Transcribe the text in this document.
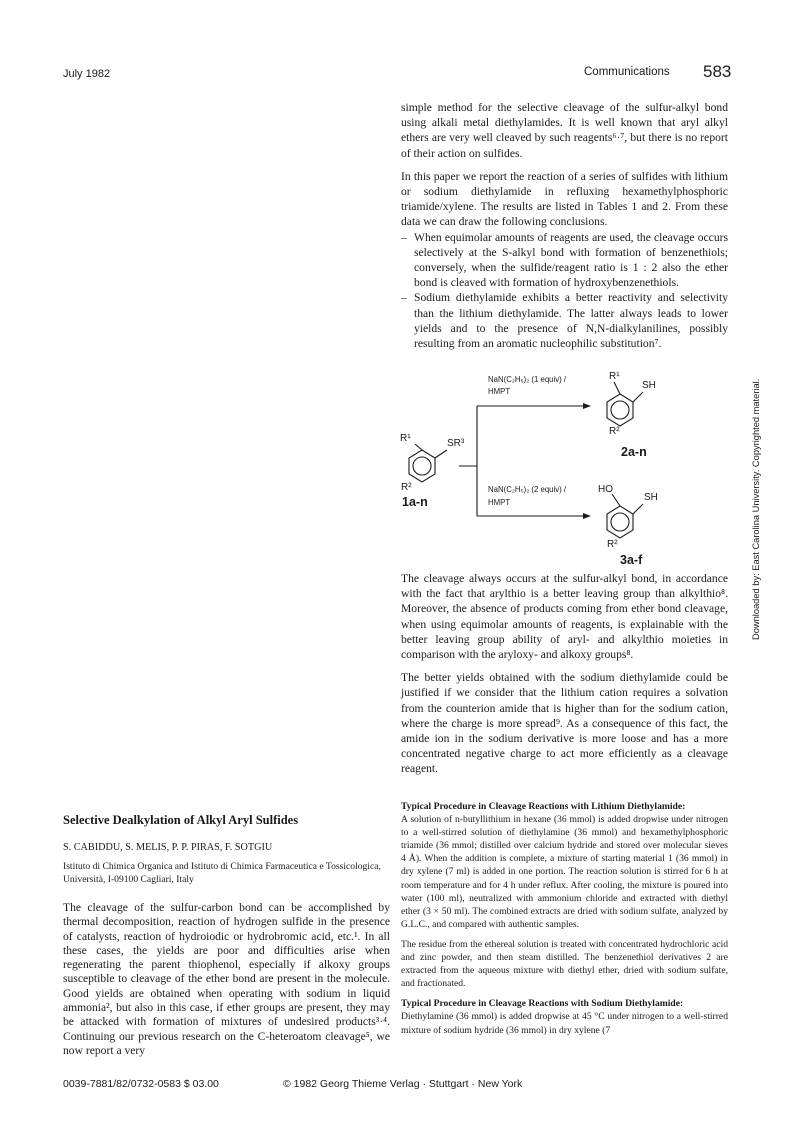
July 1982	Communications 583

simple method for the selective cleavage of the sulfur-alkyl bond using alkali metal diethylamides. It is well known that aryl alkyl ethers are very well cleaved by such reagents⁶·⁷, but there is no report of their action on sulfides.

In this paper we report the reaction of a series of sulfides with lithium or sodium diethylamide in refluxing hexamethylphosphoric triamide/xylene. The results are listed in Tables 1 and 2. From these data we can draw the following conclusions.

– When equimolar amounts of reagents are used, the cleavage occurs selectively at the S-alkyl bond with formation of benzenethiols; conversely, when the sulfide/reagent ratio is 1 : 2 also the ether bond is cleaved with formation of hydroxybenzenethiols.
– Sodium diethylamide exhibits a better reactivity and selectivity than the lithium diethylamide. The latter always leads to lower yields and to the presence of N,N-dialkylanilines, possibly resulting from an aromatic nucleophilic substitution⁷.
R¹	SR³
R²
1a-n
NaN(C₂H₅)₂ (1 equiv) /
HMPT
NaN(C₂H₅)₂ (2 equiv) /
HMPT
R¹
SH
R²
2a-n
HO
SH
R²
3a-f

The cleavage always occurs at the sulfur-alkyl bond, in accordance with the fact that arylthio is a better leaving group than alkylthio⁸. Moreover, the absence of products coming from ether bond cleavage, when using equimolar amounts of reagents, is explainable with the better leaving group ability of aryl- and alkylthio moieties in comparison with the aryloxy- and alkoxy groups⁸.

The better yields obtained with the sodium diethylamide could be justified if we consider that the lithium cation requires a solvation from the counterion amide that is higher than for the sodium cation, where the charge is more spread⁹. As a consequence of this fact, the amide ion in the sodium derivative is more loose and has a more concentrated negative charge to act more efficiently as a cleavage reagent.

Typical Procedure in Cleavage Reactions with Lithium Diethylamide:
A solution of n-butyllithium in hexane (36 mmol) is added dropwise under nitrogen to a well-stirred solution of diethylamine (36 mmol) and hexamethylphosphoric triamide (36 mmol; distilled over calcium hydride and stored over molecular sieves 4 Å). When the addition is complete, a mixture of starting material 1 (36 mmol) in dry xylene (7 ml) is added in one portion. The reaction solution is stirred for 6 h at room temperature and for 4 h under reflux. After cooling, the mixture is poured into water (100 ml), neutralized with ammonium chloride and extracted with diethyl ether (3 × 50 ml). The combined extracts are dried with sodium sulfate, analyzed by G.L.C., and compared with authentic samples.

The residue from the ethereal solution is treated with concentrated hydrochloric acid and zinc powder, and then steam distilled. The benzenethiol derivatives 2 are extracted from the aqueous mixture with diethyl ether, dried with sodium sulfate, and fractionated.

Typical Procedure in Cleavage Reactions with Sodium Diethylamide:
Diethylamine (36 mmol) is added dropwise at 45 °C under nitrogen to a well-stirred mixture of sodium hydride (36 mmol) in dry xylene (7

Selective Dealkylation of Alkyl Aryl Sulfides
S. CABIDDU, S. MELIS, P. P. PIRAS, F. SOTGIU
Istituto di Chimica Organica and Istituto di Chimica Farmaceutica e Tossicologica, Università, I-09100 Cagliari, Italy
The cleavage of the sulfur-carbon bond can be accomplished by thermal decomposition, reaction of hydrogen sulfide in the presence of catalysts, reaction of hydroiodic or hydrobromic acid, etc.¹. In all these cases, the yields are poor and difficulties arise when regenerating the parent thiophenol, especially if alkoxy groups susceptible to cleavage of the ether bond are present in the molecule. Good yields are obtained when operating with sodium in liquid ammonia², but also in this case, if ether groups are present, they may be attacked with formation of mixtures of undesired products³·⁴. Continuing our previous research on the C-heteroatom cleavage⁵, we now report a very
0039-7881/82/0732-0583 $ 03.00	© 1982 Georg Thieme Verlag · Stuttgart · New York
Downloaded by: East Carolina University. Copyrighted material.
